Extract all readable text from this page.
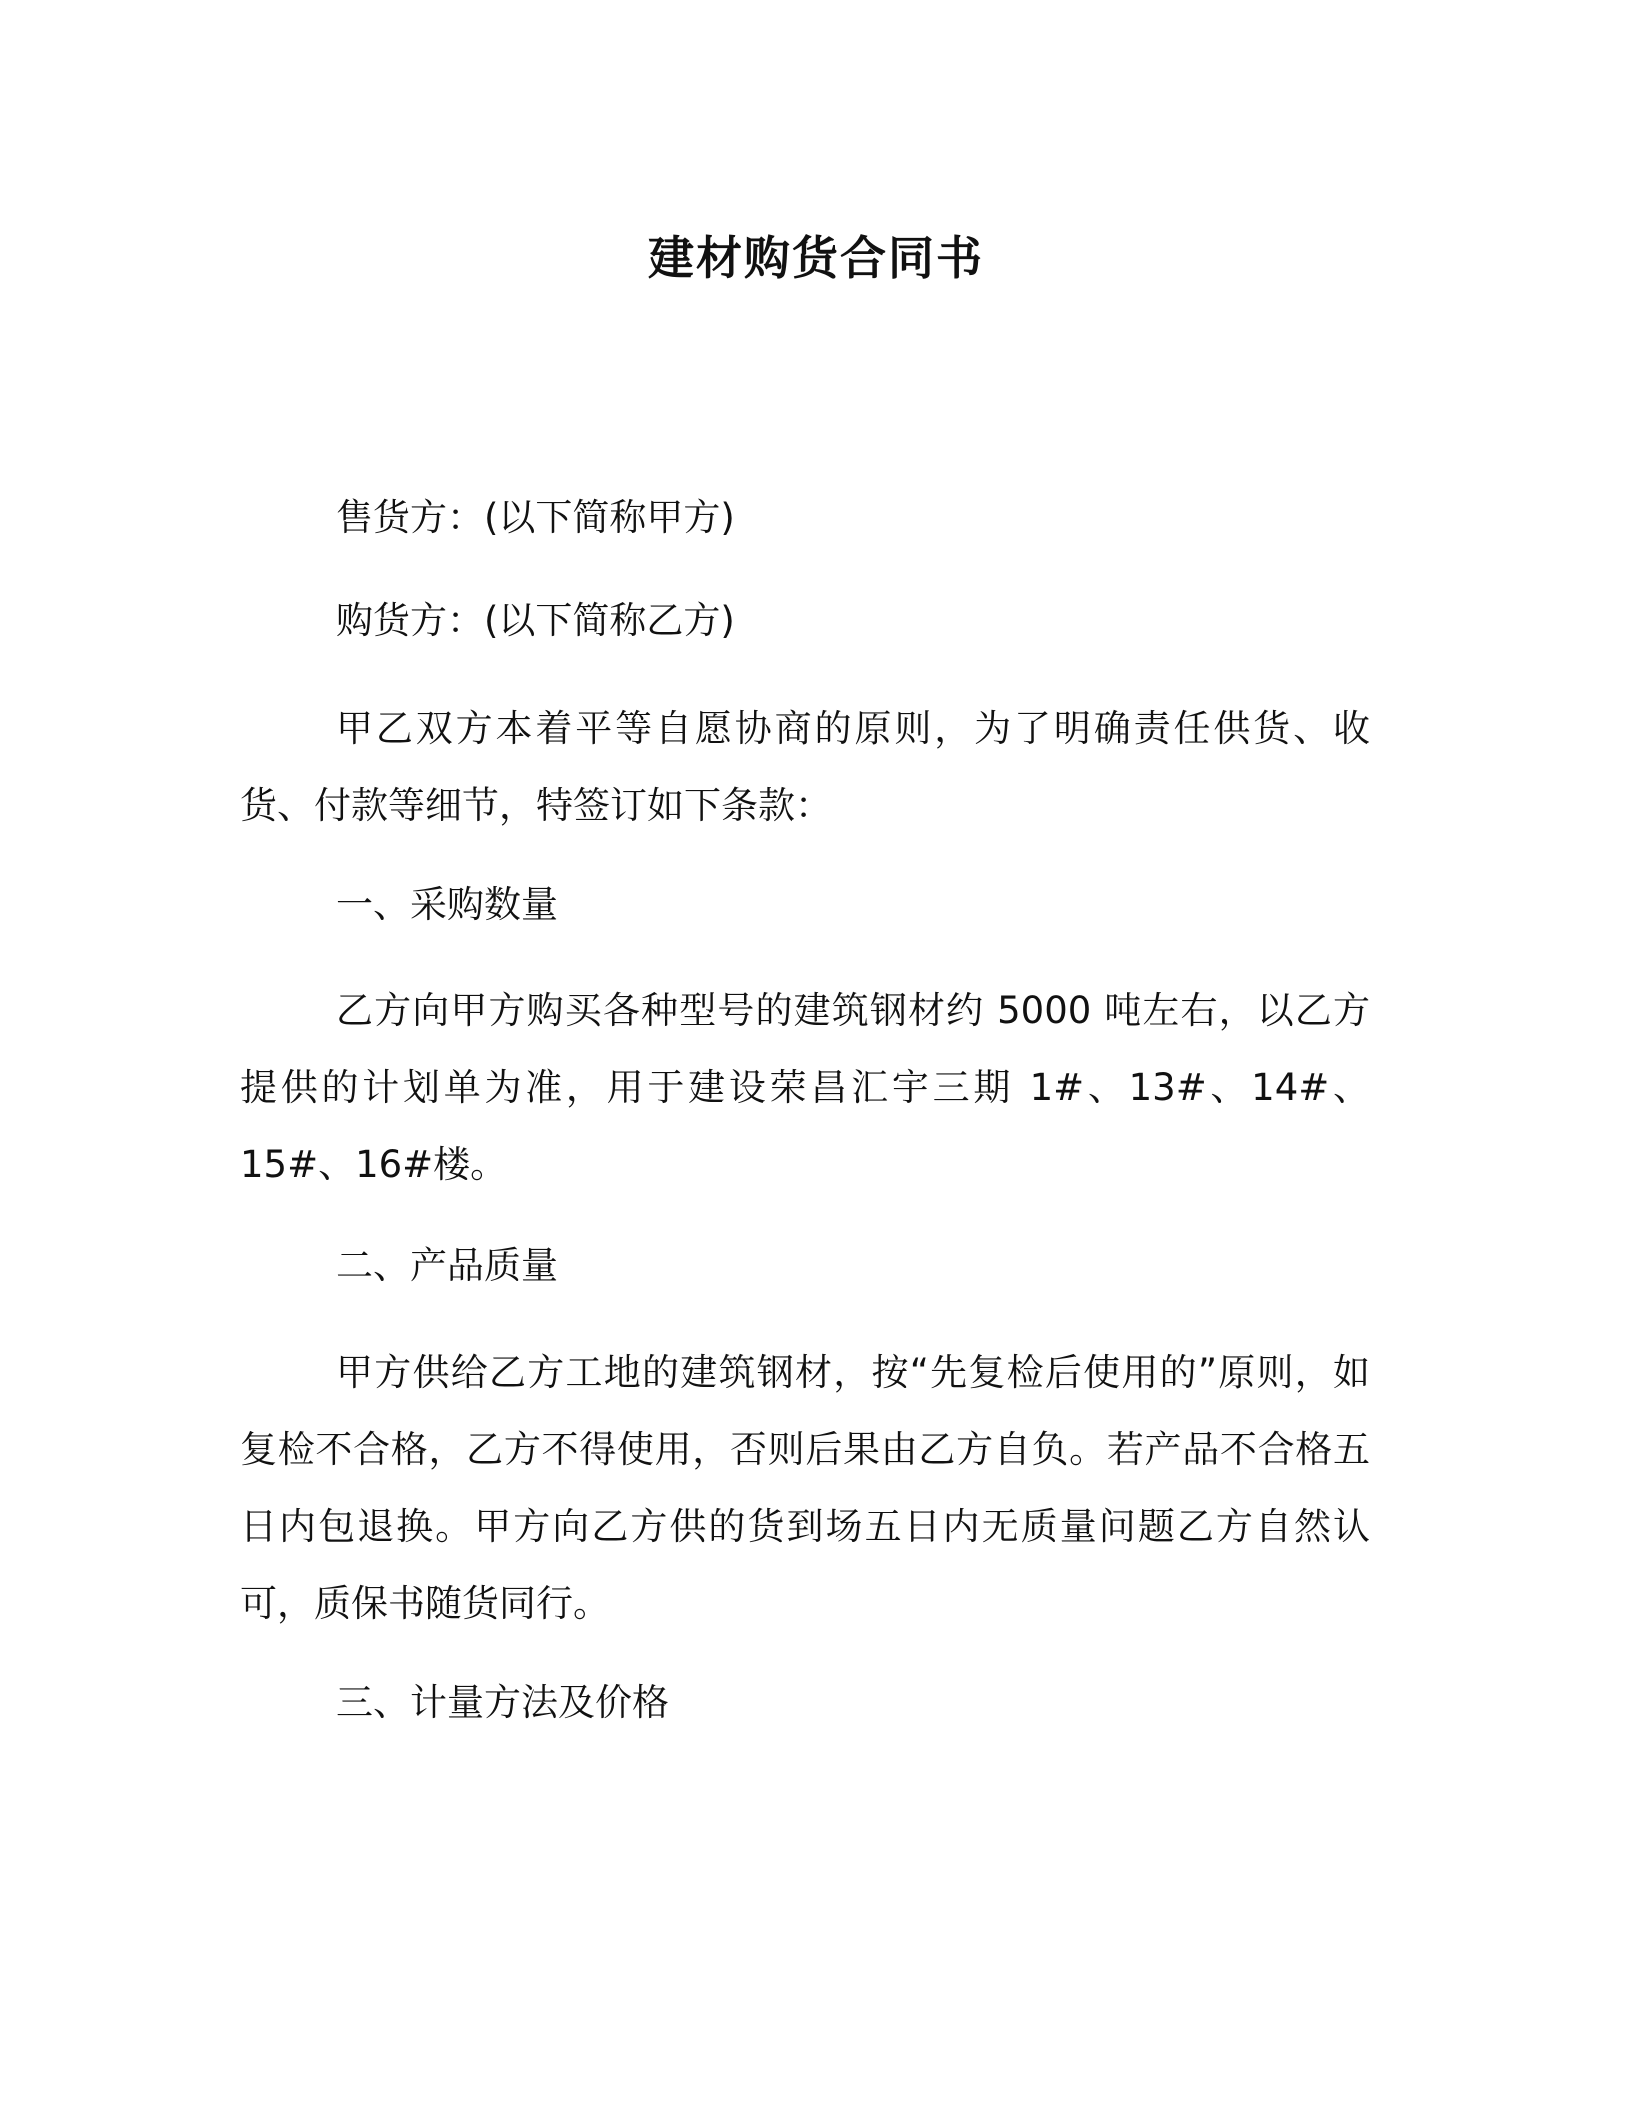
建材购货合同书
售货方：(以下简称甲方)
购货方：(以下简称乙方)
甲乙双方本着平等自愿协商的原则，为了明确责任供货、收货、付款等细节，特签订如下条款：
一、采购数量
乙方向甲方购买各种型号的建筑钢材约 5000 吨左右，以乙方提供的计划单为准，用于建设荣昌汇宇三期 1#、13#、14#、15#、16#楼。
二、产品质量
甲方供给乙方工地的建筑钢材，按“先复检后使用的”原则，如复检不合格，乙方不得使用，否则后果由乙方自负。若产品不合格五日内包退换。甲方向乙方供的货到场五日内无质量问题乙方自然认可，质保书随货同行。
三、计量方法及价格
